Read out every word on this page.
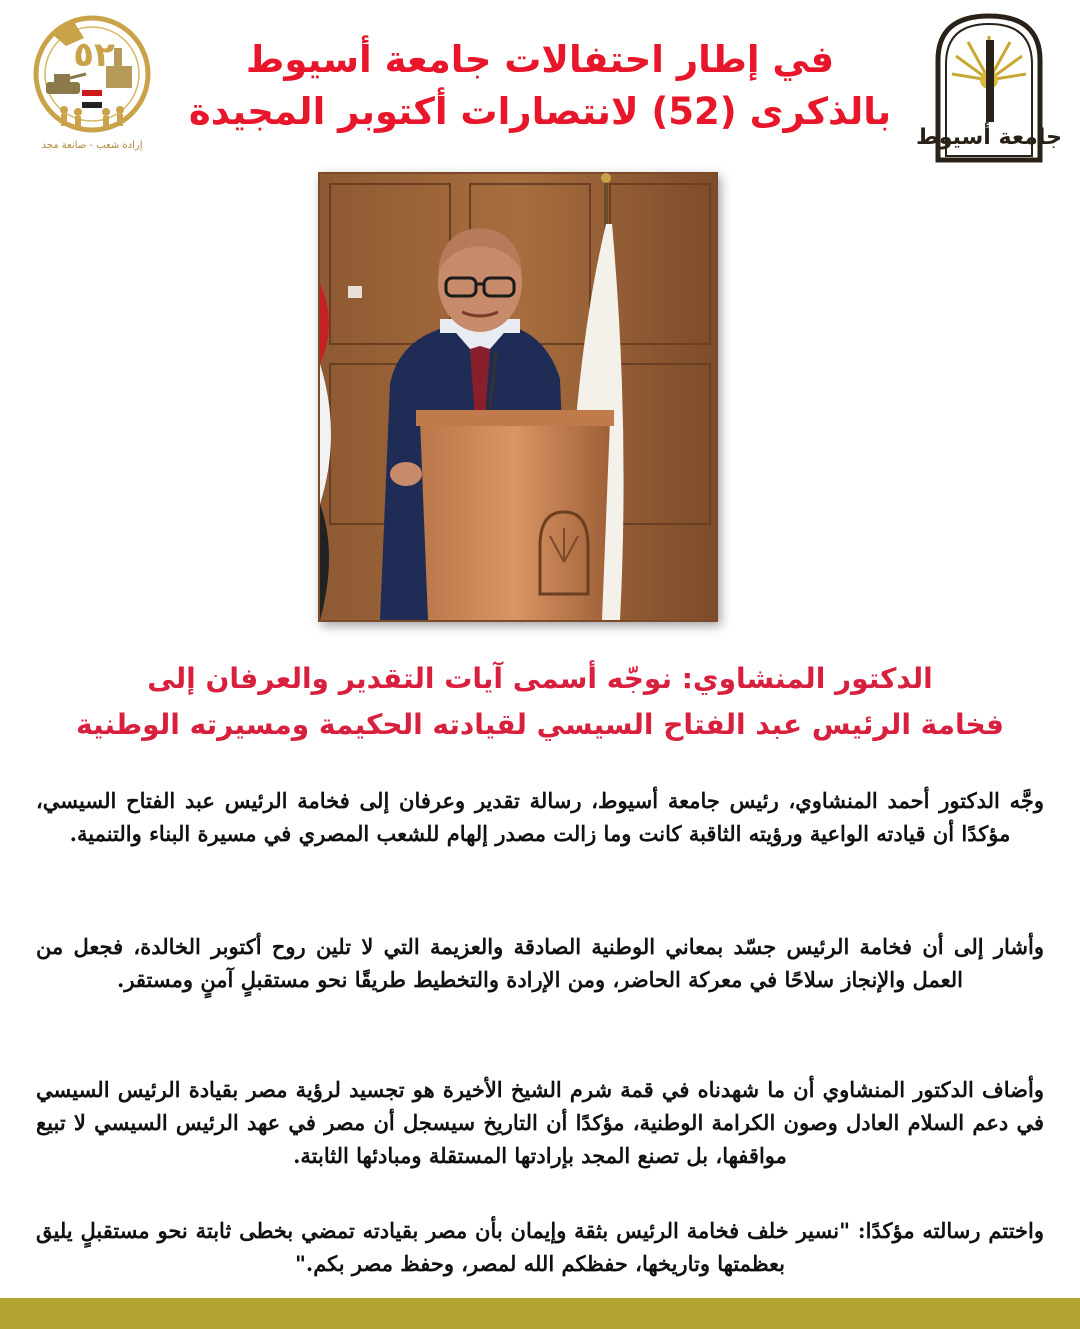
جامعة أسيوط
٥٢
إرادة شعب - صانعة مجد
في إطار احتفالات جامعة أسيوط
بالذكرى (52) لانتصارات أكتوبر المجيدة
الدكتور المنشاوي: نوجّه أسمى آيات التقدير والعرفان إلى
فخامة الرئيس عبد الفتاح السيسي لقيادته الحكيمة ومسيرته الوطنية
وجَّه الدكتور أحمد المنشاوي، رئيس جامعة أسيوط، رسالة تقدير وعرفان إلى فخامة الرئيس عبد الفتاح السيسي، مؤكدًا أن قيادته الواعية ورؤيته الثاقبة كانت وما زالت مصدر إلهام للشعب المصري في مسيرة البناء والتنمية.
وأشار إلى أن فخامة الرئيس جسّد بمعاني الوطنية الصادقة والعزيمة التي لا تلين روح أكتوبر الخالدة، فجعل من العمل والإنجاز سلاحًا في معركة الحاضر، ومن الإرادة والتخطيط طريقًا نحو مستقبلٍ آمنٍ ومستقر.
وأضاف الدكتور المنشاوي أن ما شهدناه في قمة شرم الشيخ الأخيرة هو تجسيد لرؤية مصر بقيادة الرئيس السيسي في دعم السلام العادل وصون الكرامة الوطنية، مؤكدًا أن التاريخ سيسجل أن مصر في عهد الرئيس السيسي لا تبيع مواقفها، بل تصنع المجد بإرادتها المستقلة ومبادئها الثابتة.
واختتم رسالته مؤكدًا: "نسير خلف فخامة الرئيس بثقة وإيمان بأن مصر بقيادته تمضي بخطى ثابتة نحو مستقبلٍ يليق بعظمتها وتاريخها، حفظكم الله لمصر، وحفظ مصر بكم."
